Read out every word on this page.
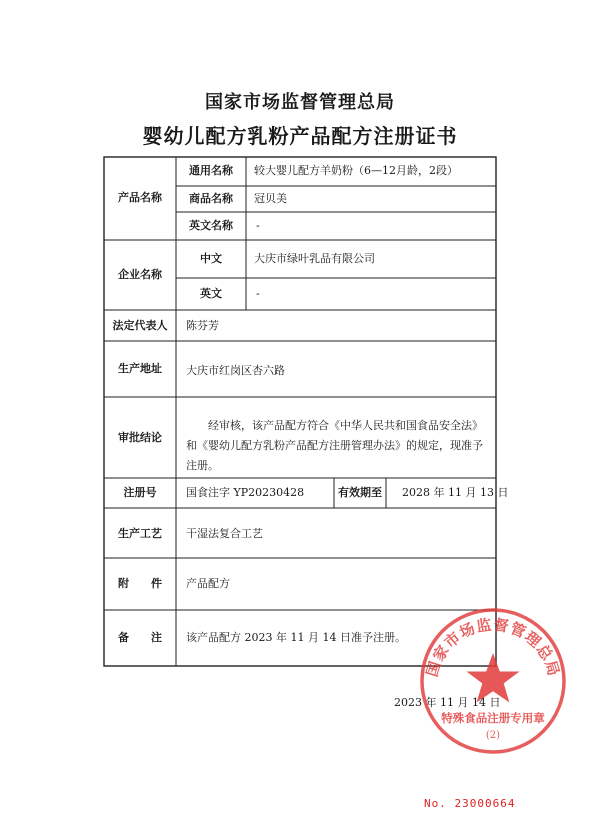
国家市场监督管理总局
婴幼儿配方乳粉产品配方注册证书
产品名称
通用名称	较大婴儿配方羊奶粉（6—12月龄，2段）
商品名称	冠贝美
英文名称	-
企业名称
中文	大庆市绿叶乳品有限公司
英文	-
法定代表人	陈芬芳
生产地址	大庆市红岗区杏六路
审批结论
经审核，该产品配方符合《中华人民共和国食品安全法》和《婴幼儿配方乳粉产品配方注册管理办法》的规定，现准予注册。
注册号	国食注字 YP20230428	有效期至	2028 年 11 月 13 日
生产工艺	干湿法复合工艺
附　　件	产品配方
备　　注	该产品配方 2023 年 11 月 14 日准予注册。
2023 年 11 月 14 日
国家市场监督管理总局
特殊食品注册专用章
(2)
No. 23000664
